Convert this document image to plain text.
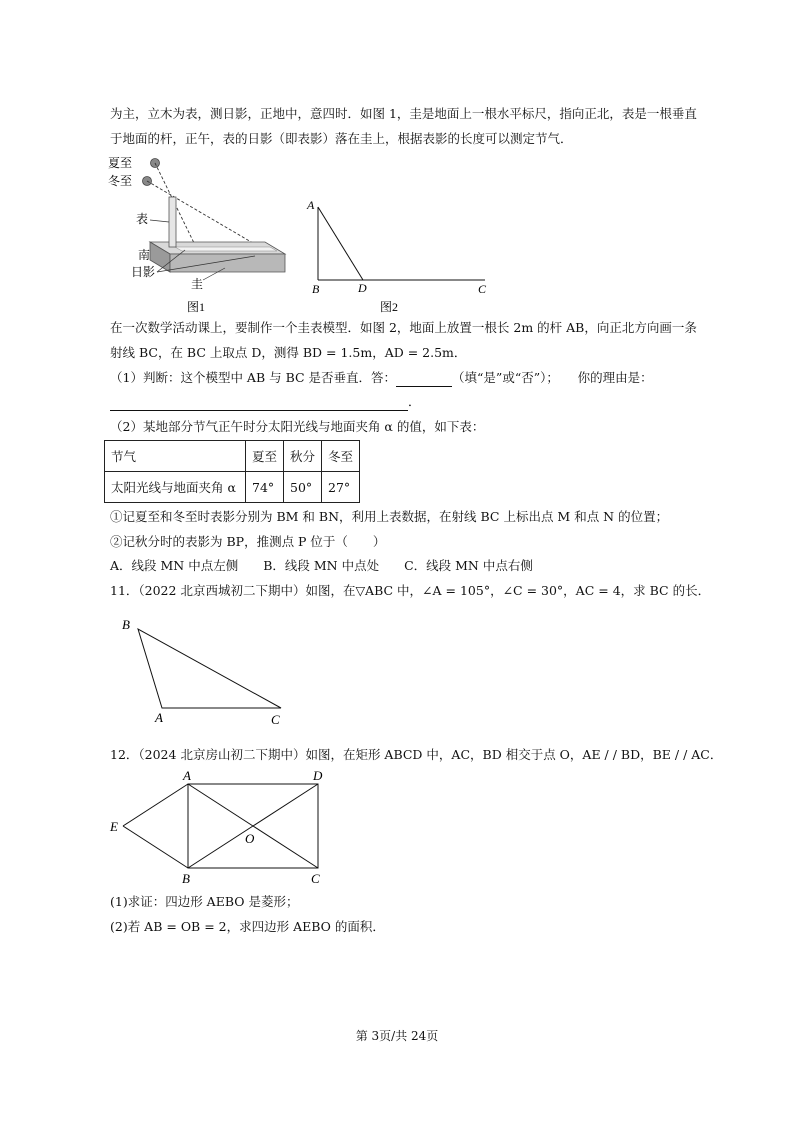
为主，立木为表，测日影，正地中，意四时．如图 1，圭是地面上一根水平标尺，指向正北，表是一根垂直
于地面的杆，正午，表的日影（即表影）落在圭上，根据表影的长度可以测定节气．
夏至
冬至
表
南
日影
圭
图1
A
B	D	C
图2
在一次数学活动课上，要制作一个圭表模型．如图 2，地面上放置一根长 2m 的杆 AB，向正北方向画一条
射线 BC，在 BC 上取点 D，测得 BD = 1.5m，AD = 2.5m．
（1）判断：这个模型中 AB 与 BC 是否垂直．答：	（填“是”或“否”）；　　 你的理由是：
．
（2）某地部分节气正午时分太阳光线与地面夹角 α 的值，如下表：
节气	夏至	秋分	冬至
太阳光线与地面夹角 α	74°	50°	27°
①记夏至和冬至时表影分别为 BM 和 BN，利用上表数据，在射线 BC 上标出点 M 和点 N 的位置；
②记秋分时的表影为 BP，推测点 P 位于（　　）
A．线段 MN 中点左侧　　B．线段 MN 中点处　　C．线段 MN 中点右侧
11．（2022 北京西城初二下期中）如图，在▽ABC 中，∠A = 105°，∠C = 30°，AC = 4，求 BC 的长．
B
A	C
12．（2024 北京房山初二下期中）如图，在矩形 ABCD 中，AC，BD 相交于点 O，AE / / BD，BE / / AC．
A	D
E
O
B	C
(1)求证：四边形 AEBO 是菱形；
(2)若 AB = OB = 2，求四边形 AEBO 的面积．
第 3页/共 24页
